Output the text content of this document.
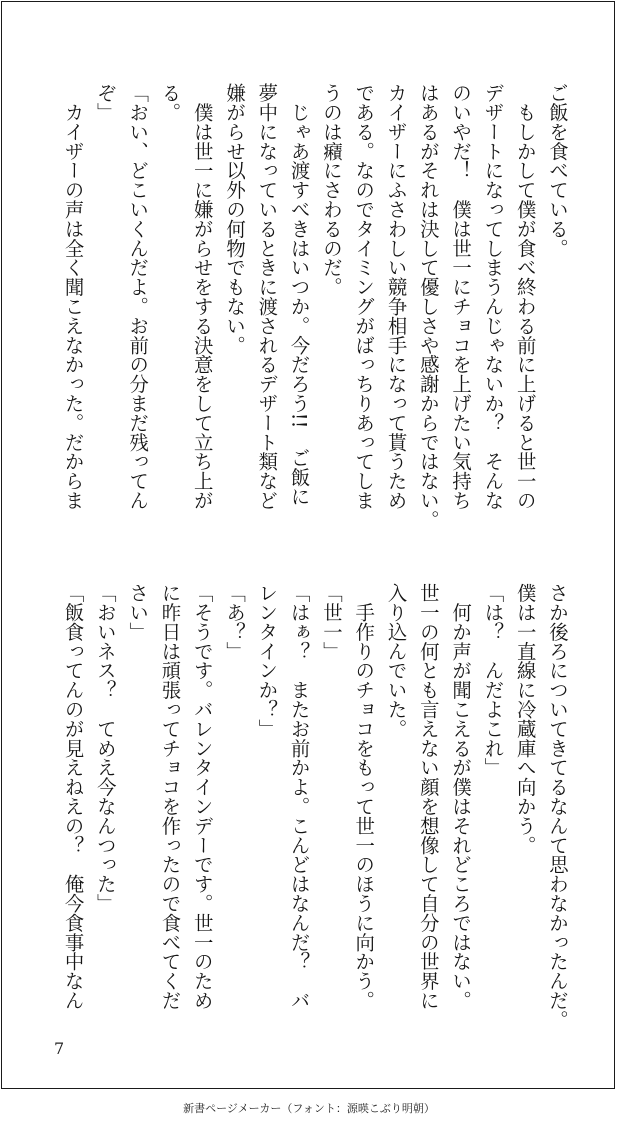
ご飯を食べている。

　もしかして僕が食べ終わる前に上げると世一の

デザートになってしまうんじゃないか？　そんな

のいやだ！　僕は世一にチョコを上げたい気持ち

はあるがそれは決して優しさや感謝からではない。

カイザーにふさわしい競争相手になって貰うため

である。なのでタイミングがばっちりあってしま

うのは癪にさわるのだ。

　じゃあ渡すべきはいつか。今だろう!!　ご飯に

夢中になっているときに渡されるデザート類など

嫌がらせ以外の何物でもない。

　僕は世一に嫌がらせをする決意をして立ち上が

る。

「おい、どこいくんだよ。お前の分まだ残ってん

ぞ」

　カイザーの声は全く聞こえなかった。だからま

さか後ろについてきてるなんて思わなかったんだ。

僕は一直線に冷蔵庫へ向かう。

「は？　んだよこれ」

　何か声が聞こえるが僕はそれどころではない。

世一の何とも言えない顔を想像して自分の世界に

入り込んでいた。

　手作りのチョコをもって世一のほうに向かう。

「世一」

「はぁ？　またお前かよ。こんどはなんだ？　バ

レンタインか？」

「あ？」

「そうです。バレンタインデーです。世一のため

に昨日は頑張ってチョコを作ったので食べてくだ

さい」

「おいネス？　てめえ今なんつった」

「飯食ってんのが見えねえの？　俺今食事中なん

7
新書ページメーカー（フォント：源暎こぶり明朝）
